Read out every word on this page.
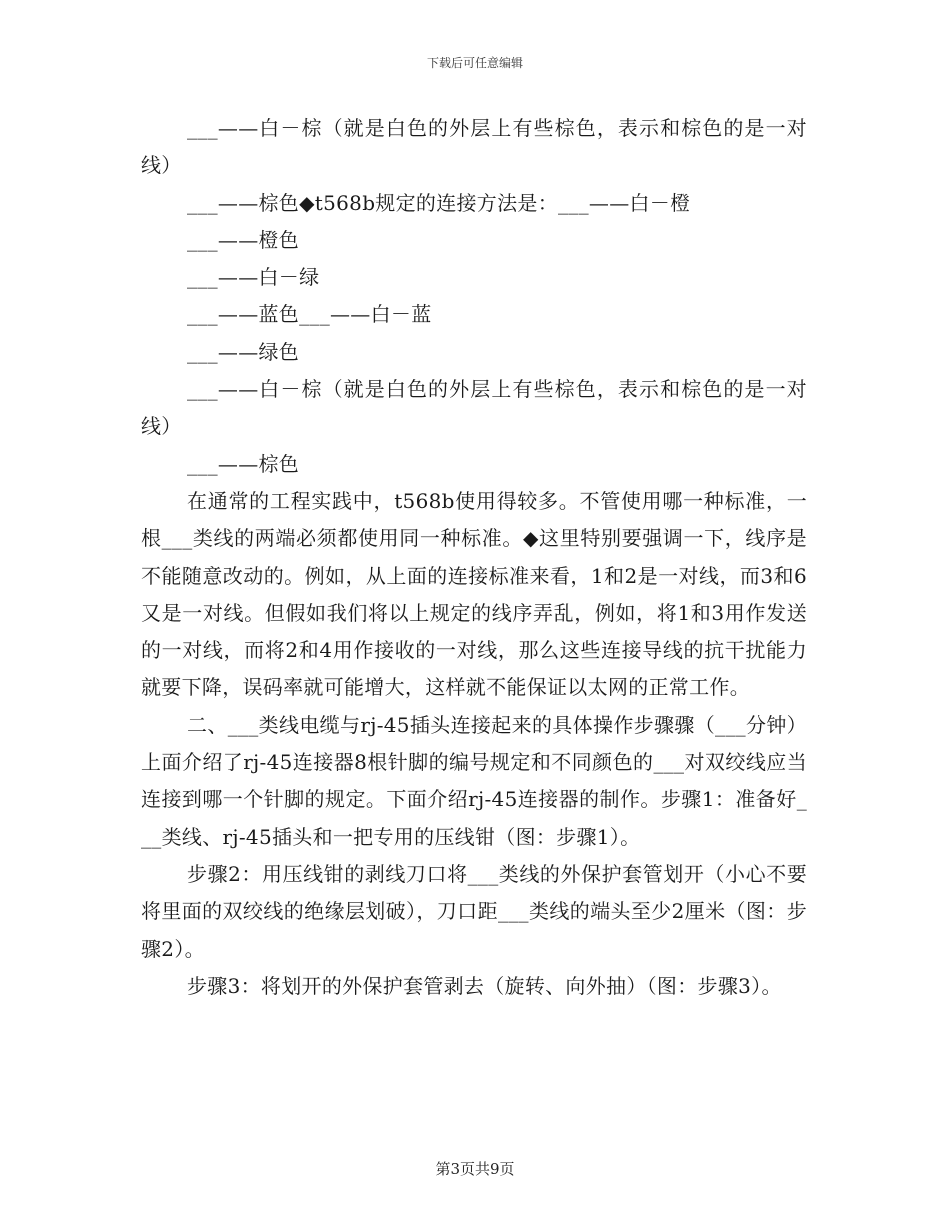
下载后可任意编辑

___——白－棕（就是白色的外层上有些棕色，表示和棕色的是一对线）

___——棕色◆t568b规定的连接方法是：___——白－橙

___——橙色

___——白－绿

___——蓝色___——白－蓝

___——绿色

___——白－棕（就是白色的外层上有些棕色，表示和棕色的是一对线）

___——棕色

在通常的工程实践中，t568b使用得较多。不管使用哪一种标准，一根___类线的两端必须都使用同一种标准。◆这里特别要强调一下，线序是不能随意改动的。例如，从上面的连接标准来看，1和2是一对线，而3和6又是一对线。但假如我们将以上规定的线序弄乱，例如，将1和3用作发送的一对线，而将2和4用作接收的一对线，那么这些连接导线的抗干扰能力就要下降，误码率就可能增大，这样就不能保证以太网的正常工作。

二、___类线电缆与rj-45插头连接起来的具体操作步骤骤（___分钟）上面介绍了rj-45连接器8根针脚的编号规定和不同颜色的___对双绞线应当连接到哪一个针脚的规定。下面介绍rj-45连接器的制作。步骤1：准备好___类线、rj-45插头和一把专用的压线钳（图：步骤1）。

步骤2：用压线钳的剥线刀口将___类线的外保护套管划开（小心不要将里面的双绞线的绝缘层划破），刀口距___类线的端头至少2厘米（图：步骤2）。

步骤3：将划开的外保护套管剥去（旋转、向外抽）（图：步骤3）。

第3页共9页
